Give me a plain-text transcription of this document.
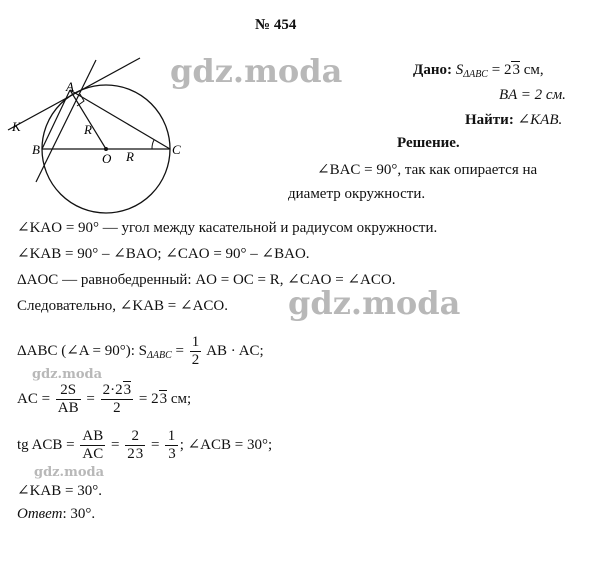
№ 454
A
B	C
O
K	R
R
gdz.moda	Дано: $S_{\Delta ABC} = 23$ см,
BA = 2 см.
Найти: ∠KAB.
Решение.
∠BAC = 90°, так как опирается на
диаметр окружности.
∠KAO = 90° — угол между касательной и радиусом окружности.
∠KAB = 90° – ∠BAO; ∠CAO = 90° – ∠BAO.
ΔAOC — равнобедренный: AO = OC = R, ∠CAO = ∠ACO.
Следовательно, ∠KAB = ∠ACO. gdz.moda
ΔABC (∠A = 90°): $S_{\Delta ABC} = \frac{1}{2}$ AB · AC;
gdz.moda
AC = $\frac{2S}{AB} = \frac{2\cdot 23}{2} = 23$ см;
tg ACB = $\frac{AB}{AC} = \frac{2}{23} = \frac{1}{3}$ ; ∠ACB = 30°;
gdz.moda
∠KAB = 30°.
Ответ: 30°.
